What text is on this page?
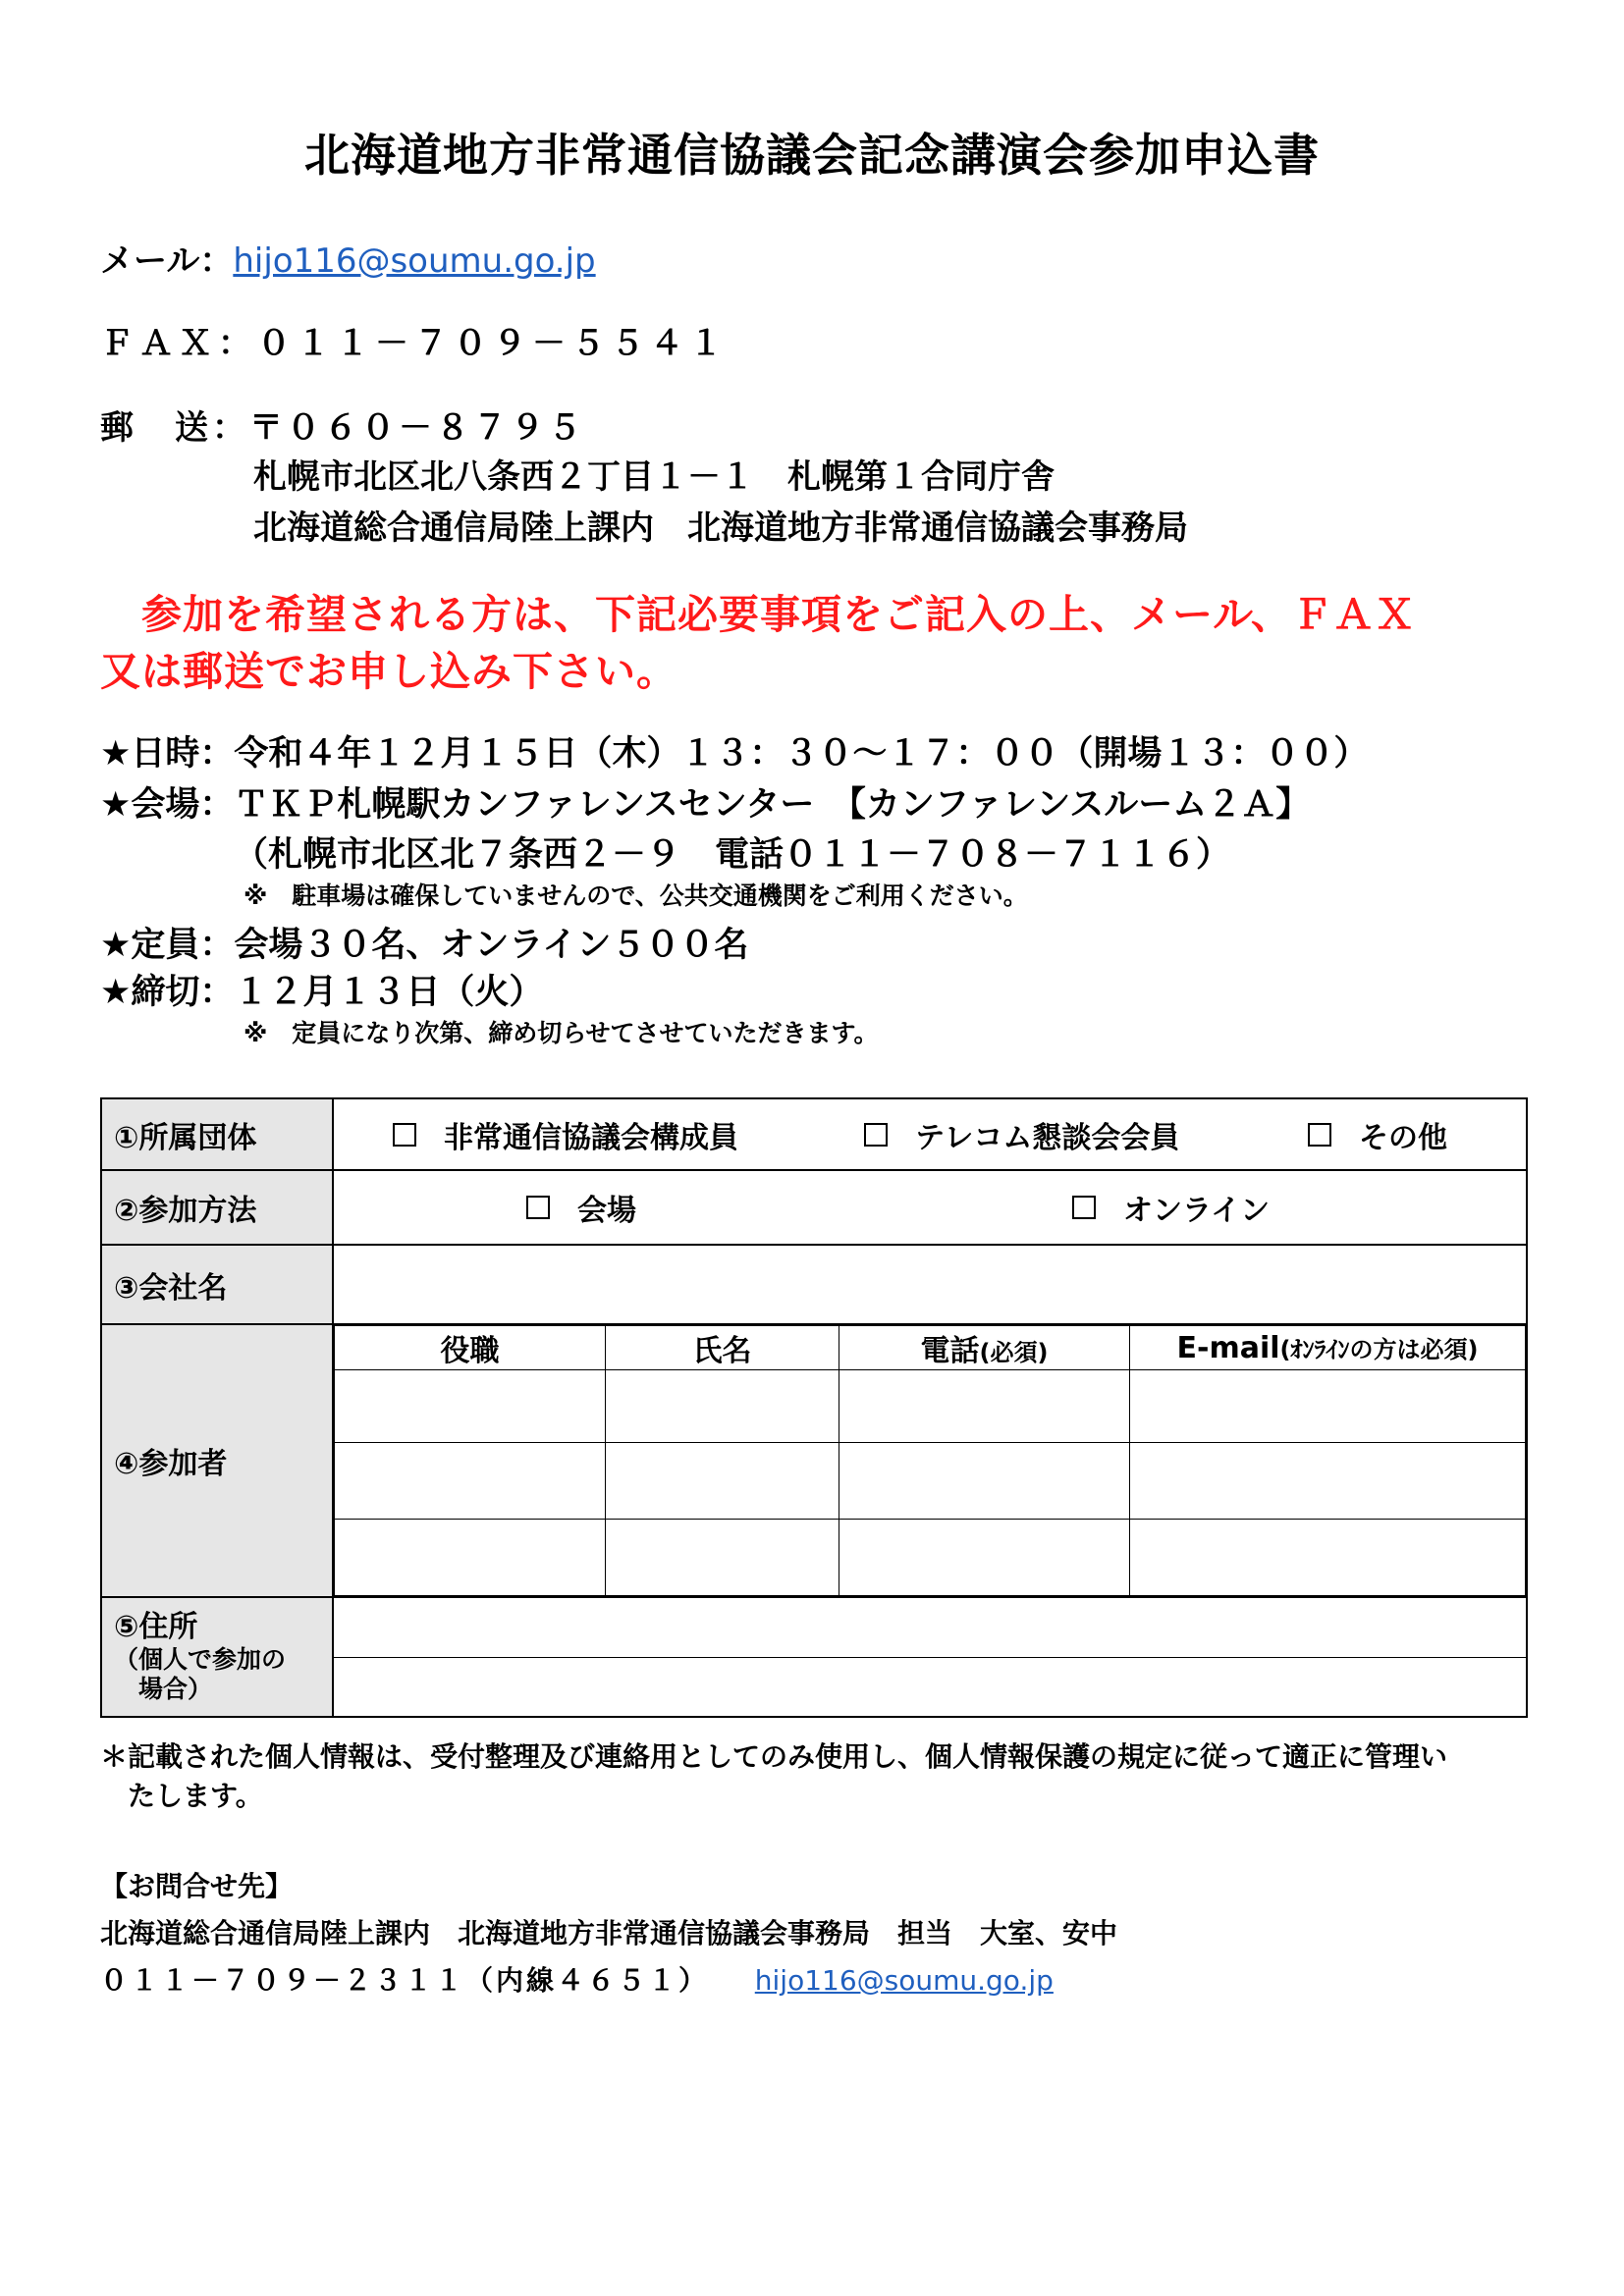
北海道地方非常通信協議会記念講演会参加申込書
メール：hijo116@soumu.go.jp
ＦＡＸ：０１１－７０９－５５４１
郵　送：〒０６０－８７９５
札幌市北区北八条西２丁目１－１　札幌第１合同庁舎
北海道総合通信局陸上課内　北海道地方非常通信協議会事務局
　参加を希望される方は、下記必要事項をご記入の上、メール、ＦＡＸ
又は郵送でお申し込み下さい。
★日時：令和４年１２月１５日（木）１３：３０～１７：００（開場１３：００）
★会場：ＴＫＰ札幌駅カンファレンスセンター　【カンファレンスルーム２Ａ】
（札幌市北区北７条西２－９　電話０１１－７０８－７１１６）
※　駐車場は確保していませんので、公共交通機関をご利用ください。
★定員：会場３０名、オンライン５００名
★締切：１２月１３日（火）
※　定員になり次第、締め切らせてさせていただきます。
①所属団体	非常通信協議会構成員	テレコム懇談会会員	その他

②参加方法	会場	オンライン

③会社名	
④参加者	
役職	氏名	電話(必須)	E-mail(ｵﾝﾗｲﾝの方は必須)

⑤住所
（個人で参加の
　場合）

＊記載された個人情報は、受付整理及び連絡用としてのみ使用し、個人情報保護の規定に従って適正に管理い
　たします。
【お問合せ先】
北海道総合通信局陸上課内　北海道地方非常通信協議会事務局　担当　大室、安中
０１１－７０９－２３１１（内線４６５１） hijo116@soumu.go.jp
